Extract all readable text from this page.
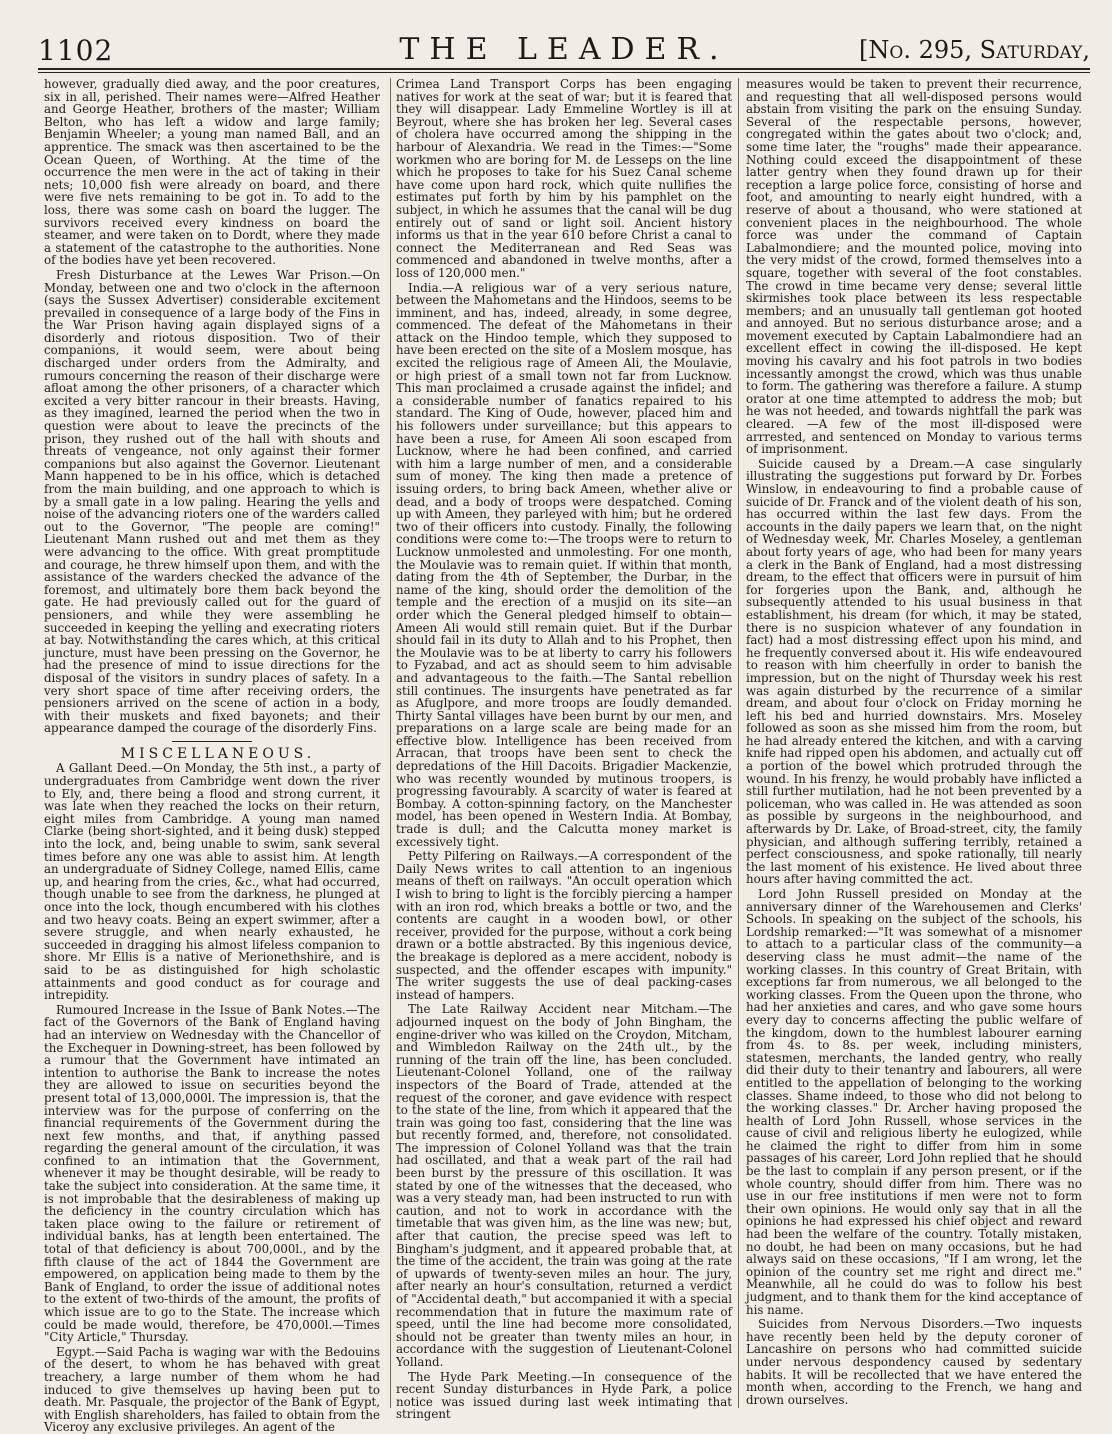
1102	THE LEADER.	[No. 295, Saturday,

however, gradually died away, and the poor creatures, six in all, perished. Their names were—Alfred Heather and George Heather, brothers of the master; William Belton, who has left a widow and large family; Benjamin Wheeler; a young man named Ball, and an apprentice. The smack was then ascertained to be the Ocean Queen, of Worthing. At the time of the occurrence the men were in the act of taking in their nets; 10,000 fish were already on board, and there were five nets remaining to be got in. To add to the loss, there was some cash on board the lugger. The survivors received every kindness on board the steamer, and were taken on to Dordt, where they made a statement of the catastrophe to the authorities. None of the bodies have yet been recovered.

Fresh Disturbance at the Lewes War Prison.—On Monday, between one and two o'clock in the afternoon (says the Sussex Advertiser) considerable excitement prevailed in consequence of a large body of the Fins in the War Prison having again displayed signs of a disorderly and riotous disposition. Two of their companions, it would seem, were about being discharged under orders from the Admiralty, and rumours concerning the reason of their discharge were afloat among the other prisoners, of a character which excited a very bitter rancour in their breasts. Having, as they imagined, learned the period when the two in question were about to leave the precincts of the prison, they rushed out of the hall with shouts and threats of vengeance, not only against their former companions but also against the Governor. Lieutenant Mann happened to be in his office, which is detached from the main building, and one approach to which is by a small gate in a low paling. Hearing the yells and noise of the advancing rioters one of the warders called out to the Governor, "The people are coming!" Lieutenant Mann rushed out and met them as they were advancing to the office. With great promptitude and courage, he threw himself upon them, and with the assistance of the warders checked the advance of the foremost, and ultimately bore them back beyond the gate. He had previously called out for the guard of pensioners, and while they were assembling he succeeded in keeping the yelling and execrating rioters at bay. Notwithstanding the cares which, at this critical juncture, must have been pressing on the Governor, he had the presence of mind to issue directions for the disposal of the visitors in sundry places of safety. In a very short space of time after receiving orders, the pensioners arrived on the scene of action in a body, with their muskets and fixed bayonets; and their appearance damped the courage of the disorderly Fins.

MISCELLANEOUS.

A Gallant Deed.—On Monday, the 5th inst., a party of undergraduates from Cambridge went down the river to Ely, and, there being a flood and strong current, it was late when they reached the locks on their return, eight miles from Cambridge. A young man named Clarke (being short-sighted, and it being dusk) stepped into the lock, and, being unable to swim, sank several times before any one was able to assist him. At length an undergraduate of Sidney College, named Ellis, came up, and hearing from the cries, &c., what had occurred, though unable to see from the darkness, he plunged at once into the lock, though encumbered with his clothes and two heavy coats. Being an expert swimmer, after a severe struggle, and when nearly exhausted, he succeeded in dragging his almost lifeless companion to shore. Mr Ellis is a native of Merionethshire, and is said to be as distinguished for high scholastic attainments and good conduct as for courage and intrepidity.

Rumoured Increase in the Issue of Bank Notes.—The fact of the Governors of the Bank of England having had an interview on Wednesday with the Chancellor of the Exchequer in Downing-street, has been followed by a rumour that the Government have intimated an intention to authorise the Bank to increase the notes they are allowed to issue on securities beyond the present total of 13,000,000l. The impression is, that the interview was for the purpose of conferring on the financial requirements of the Government during the next few months, and that, if anything passed regarding the general amount of the circulation, it was confined to an intimation that the Government, whenever it may be thought desirable, will be ready to take the subject into consideration. At the same time, it is not improbable that the desirableness of making up the deficiency in the country circulation which has taken place owing to the failure or retirement of individual banks, has at length been entertained. The total of that deficiency is about 700,000l., and by the fifth clause of the act of 1844 the Government are empowered, on application being made to them by the Bank of England, to order the issue of additional notes to the extent of two-thirds of the amount, the profits of which issue are to go to the State. The increase which could be made would, therefore, be 470,000l.—Times "City Article," Thursday.

Egypt.—Said Pacha is waging war with the Bedouins of the desert, to whom he has behaved with great treachery, a large number of them whom he had induced to give themselves up having been put to death. Mr. Pasquale, the projector of the Bank of Egypt, with English shareholders, has failed to obtain from the Viceroy any exclusive privileges. An agent of the

Crimea Land Transport Corps has been engaging natives for work at the seat of war; but it is feared that they will disappear. Lady Emmeline Wortley is ill at Beyrout, where she has broken her leg. Several cases of cholera have occurred among the shipping in the harbour of Alexandria. We read in the Times:—"Some workmen who are boring for M. de Lesseps on the line which he proposes to take for his Suez Canal scheme have come upon hard rock, which quite nullifies the estimates put forth by him by his pamphlet on the subject, in which he assumes that the canal will be dug entirely out of sand or light soil. Ancient history informs us that in the year 610 before Christ a canal to connect the Mediterranean and Red Seas was commenced and abandoned in twelve months, after a loss of 120,000 men."

India.—A religious war of a very serious nature, between the Mahometans and the Hindoos, seems to be imminent, and has, indeed, already, in some degree, commenced. The defeat of the Mahometans in their attack on the Hindoo temple, which they supposed to have been erected on the site of a Moslem mosque, has excited the religious rage of Ameen Ali, the Moulavie, or high priest of a small town not far from Lucknow. This man proclaimed a crusade against the infidel; and a considerable number of fanatics repaired to his standard. The King of Oude, however, placed him and his followers under surveillance; but this appears to have been a ruse, for Ameen Ali soon escaped from Lucknow, where he had been confined, and carried with him a large number of men, and a considerable sum of money. The king then made a pretence of issuing orders, to bring back Ameen, whether alive or dead, and a body of troops were despatched. Coming up with Ameen, they parleyed with him; but he ordered two of their officers into custody. Finally, the following conditions were come to:—The troops were to return to Lucknow unmolested and unmolesting. For one month, the Moulavie was to remain quiet. If within that month, dating from the 4th of September, the Durbar, in the name of the king, should order the demolition of the temple and the erection of a musjid on its site—an order which the General pledged himself to obtain—Ameen Ali would still remain quiet. But if the Durbar should fail in its duty to Allah and to his Prophet, then the Moulavie was to be at liberty to carry his followers to Fyzabad, and act as should seem to him advisable and advantageous to the faith.—The Santal rebellion still continues. The insurgents have penetrated as far as Afuglpore, and more troops are loudly demanded. Thirty Santal villages have been burnt by our men, and preparations on a large scale are being made for an effective blow. Intelligence has been received from Arracan, that troops have been sent to check the depredations of the Hill Dacoits. Brigadier Mackenzie, who was recently wounded by mutinous troopers, is progressing favourably. A scarcity of water is feared at Bombay. A cotton-spinning factory, on the Manchester model, has been opened in Western India. At Bombay, trade is dull; and the Calcutta money market is excessively tight.

Petty Pilfering on Railways.—A correspondent of the Daily News writes to call attention to an ingenious means of theft on railways. "An occult operation which I wish to bring to light is the forcibly piercing a hamper with an iron rod, which breaks a bottle or two, and the contents are caught in a wooden bowl, or other receiver, provided for the purpose, without a cork being drawn or a bottle abstracted. By this ingenious device, the breakage is deplored as a mere accident, nobody is suspected, and the offender escapes with impunity." The writer suggests the use of deal packing-cases instead of hampers.

The Late Railway Accident near Mitcham.—The adjourned inquest on the body of John Bingham, the engine-driver who was killed on the Croydon, Mitcham, and Wimbledon Railway on the 24th ult., by the running of the train off the line, has been concluded. Lieutenant-Colonel Yolland, one of the railway inspectors of the Board of Trade, attended at the request of the coroner, and gave evidence with respect to the state of the line, from which it appeared that the train was going too fast, considering that the line was but recently formed, and, therefore, not consolidated. The impression of Colonel Yolland was that the train had oscillated, and that a weak part of the rail had been burst by the pressure of this oscillation. It was stated by one of the witnesses that the deceased, who was a very steady man, had been instructed to run with caution, and not to work in accordance with the timetable that was given him, as the line was new; but, after that caution, the precise speed was left to Bingham's judgment, and it appeared probable that, at the time of the accident, the train was going at the rate of upwards of twenty-seven miles an hour. The jury, after nearly an hour's consultation, returned a verdict of "Accidental death," but accompanied it with a special recommendation that in future the maximum rate of speed, until the line had become more consolidated, should not be greater than twenty miles an hour, in accordance with the suggestion of Lieutenant-Colonel Yolland.

The Hyde Park Meeting.—In consequence of the recent Sunday disturbances in Hyde Park, a police notice was issued during last week intimating that stringent

measures would be taken to prevent their recurrence, and requesting that all well-disposed persons would abstain from visiting the park on the ensuing Sunday. Several of the respectable persons, however, congregated within the gates about two o'clock; and, some time later, the "roughs" made their appearance. Nothing could exceed the disappointment of these latter gentry when they found drawn up for their reception a large police force, consisting of horse and foot, and amounting to nearly eight hundred, with a reserve of about a thousand, who were stationed at convenient places in the neighbourhood. The whole force was under the command of Captain Labalmondiere; and the mounted police, moving into the very midst of the crowd, formed themselves into a square, together with several of the foot constables. The crowd in time became very dense; several little skirmishes took place between its less respectable members; and an unusually tall gentleman got hooted and annoyed. But no serious disturbance arose; and a movement executed by Captain Labalmondiere had an excellent effect in cowing the ill-disposed. He kept moving his cavalry and his foot patrols in two bodies incessantly amongst the crowd, which was thus unable to form. The gathering was therefore a failure. A stump orator at one time attempted to address the mob; but he was not heeded, and towards nightfall the park was cleared. —A few of the most ill-disposed were arrrested, and sentenced on Monday to various terms of imprisonment.

Suicide caused by a Dream.—A case singularly illustrating the suggestions put forward by Dr. Forbes Winslow, in endeavouring to find a probable cause of suicide of Dr. Franck and of the violent death of his son, has occurred within the last few days. From the accounts in the daily papers we learn that, on the night of Wednesday week, Mr. Charles Moseley, a gentleman about forty years of age, who had been for many years a clerk in the Bank of England, had a most distressing dream, to the effect that officers were in pursuit of him for forgeries upon the Bank, and, although he subsequently attended to his usual business in that establishment, his dream (for which, it may be stated, there is no suspicion whatever of any foundation in fact) had a most distressing effect upon his mind, and he frequently conversed about it. His wife endeavoured to reason with him cheerfully in order to banish the impression, but on the night of Thursday week his rest was again disturbed by the recurrence of a similar dream, and about four o'clock on Friday morning he left his bed and hurried downstairs. Mrs. Moseley followed as soon as she missed him from the room, but he had already entered the kitchen, and with a carving knife had ripped open his abdomen, and actually cut off a portion of the bowel which protruded through the wound. In his frenzy, he would probably have inflicted a still further mutilation, had he not been prevented by a policeman, who was called in. He was attended as soon as possible by surgeons in the neighbourhood, and afterwards by Dr. Lake, of Broad-street, city, the family physician, and although suffering terribly, retained a perfect consciousness, and spoke rationally, till nearly the last moment of his existence. He lived about three hours after having committed the act.

Lord John Russell presided on Monday at the anniversary dinner of the Warehousemen and Clerks' Schools. In speaking on the subject of the schools, his Lordship remarked:—"It was somewhat of a misnomer to attach to a particular class of the community—a deserving class he must admit—the name of the working classes. In this country of Great Britain, with exceptions far from numerous, we all belonged to the working classes. From the Queen upon the throne, who had her anxieties and cares, and who gave some hours every day to concerns affecting the public welfare of the kingdom, down to the humblest labourer earning from 4s. to 8s. per week, including ministers, statesmen, merchants, the landed gentry, who really did their duty to their tenantry and labourers, all were entitled to the appellation of belonging to the working classes. Shame indeed, to those who did not belong to the working classes." Dr. Archer having proposed the health of Lord John Russell, whose services in the cause of civil and religious liberty he eulogized, while he claimed the right to differ from him in some passages of his career, Lord John replied that he should be the last to complain if any person present, or if the whole country, should differ from him. There was no use in our free institutions if men were not to form their own opinions. He would only say that in all the opinions he had expressed his chief object and reward had been the welfare of the country. Totally mistaken, no doubt, he had been on many occasions, but he had always said on these occasions, "If I am wrong, let the opinion of the country set me right and direct me." Meanwhile, all he could do was to follow his best judgment, and to thank them for the kind acceptance of his name.

Suicides from Nervous Disorders.—Two inquests have recently been held by the deputy coroner of Lancashire on persons who had committed suicide under nervous despondency caused by sedentary habits. It will be recollected that we have entered the month when, according to the French, we hang and drown ourselves.
